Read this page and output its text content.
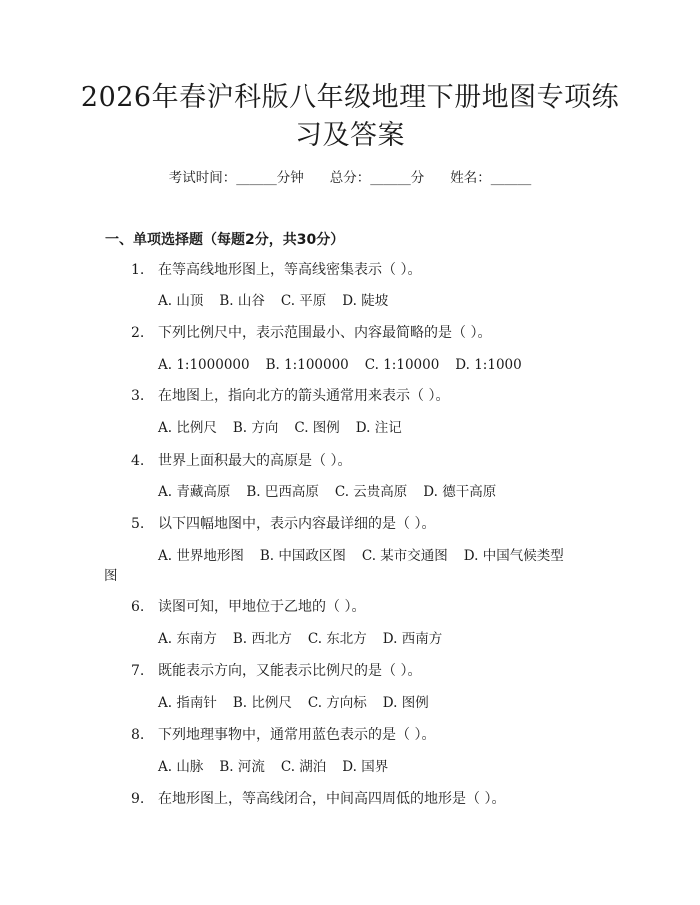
2026年春沪科版八年级地理下册地图专项练
习及答案
考试时间：______分钟 总分：______分 姓名：______
一、单项选择题（每题2分，共30分）
1. 在等高线地形图上，等高线密集表示（ ）。
A. 山顶 B. 山谷 C. 平原 D. 陡坡
2. 下列比例尺中，表示范围最小、内容最简略的是（ ）。
A. 1:1000000 B. 1:100000 C. 1:10000 D. 1:1000
3. 在地图上，指向北方的箭头通常用来表示（ ）。
A. 比例尺 B. 方向 C. 图例 D. 注记
4. 世界上面积最大的高原是（ ）。
A. 青藏高原 B. 巴西高原 C. 云贵高原 D. 德干高原
5. 以下四幅地图中，表示内容最详细的是（ ）。
A. 世界地形图 B. 中国政区图 C. 某市交通图 D. 中国气候类型
图
6. 读图可知，甲地位于乙地的（ ）。
A. 东南方 B. 西北方 C. 东北方 D. 西南方
7. 既能表示方向，又能表示比例尺的是（ ）。
A. 指南针 B. 比例尺 C. 方向标 D. 图例
8. 下列地理事物中，通常用蓝色表示的是（ ）。
A. 山脉 B. 河流 C. 湖泊 D. 国界
9. 在地形图上，等高线闭合，中间高四周低的地形是（ ）。
